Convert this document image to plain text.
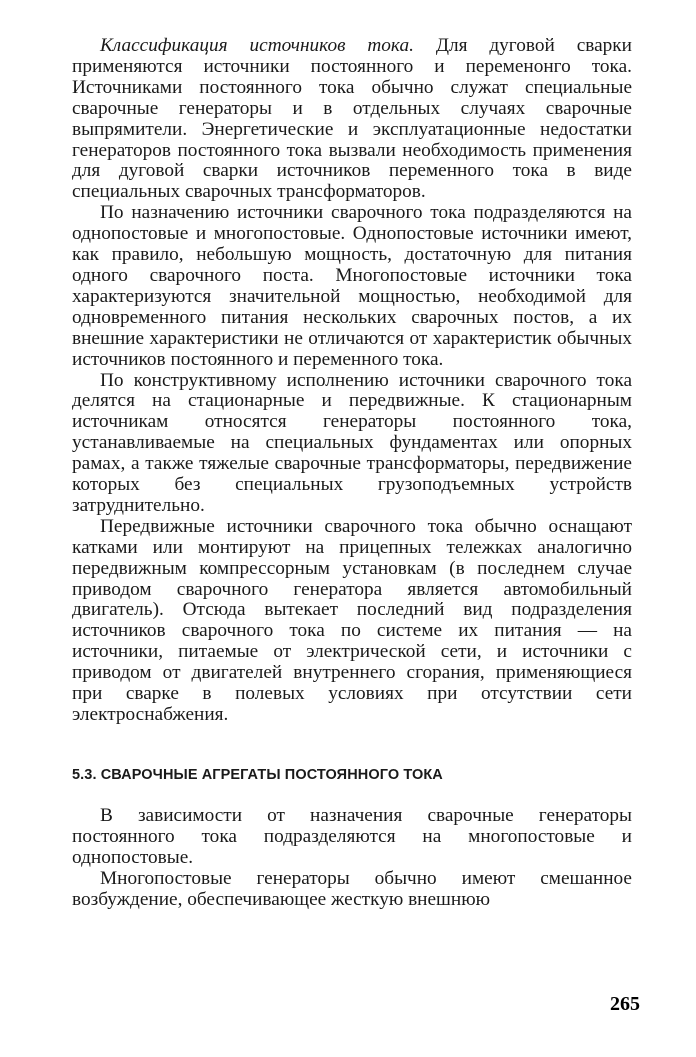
Классификация источников тока. Для дуговой сварки применяются источники постоянного и переменонго тока. Источниками постоянного тока обычно служат специальные сварочные генераторы и в отдельных случаях сварочные выпрямители. Энергетические и эксплуатационные недостатки генераторов постоянного тока вызвали необходимость применения для дуговой сварки источников переменного тока в виде специальных сварочных трансформаторов.

По назначению источники сварочного тока подразделяются на однопостовые и многопостовые. Однопостовые источники имеют, как правило, небольшую мощность, достаточную для питания одного сварочного поста. Многопостовые источники тока характеризуются значительной мощностью, необходимой для одновременного питания нескольких сварочных постов, а их внешние характеристики не отличаются от характеристик обычных источников постоянного и переменного тока.

По конструктивному исполнению источники сварочного тока делятся на стационарные и передвижные. К стационарным источникам относятся генераторы постоянного тока, устанавливаемые на специальных фундаментах или опорных рамах, а также тяжелые сварочные трансформаторы, передвижение которых без специальных грузоподъемных устройств затруднительно.

Передвижные источники сварочного тока обычно оснащают катками или монтируют на прицепных тележках аналогично передвижным компрессорным установкам (в последнем случае приводом сварочного генератора является автомобильный двигатель). Отсюда вытекает последний вид подразделения источников сварочного тока по системе их питания — на источники, питаемые от электрической сети, и источники с приводом от двигателей внутреннего сгорания, применяющиеся при сварке в полевых условиях при отсутствии сети электроснабжения.

5.3. СВАРОЧНЫЕ АГРЕГАТЫ ПОСТОЯННОГО ТОКА

В зависимости от назначения сварочные генераторы постоянного тока подразделяются на многопостовые и однопостовые.

Многопостовые генераторы обычно имеют смешанное возбуждение, обеспечивающее жесткую внешнюю

265
